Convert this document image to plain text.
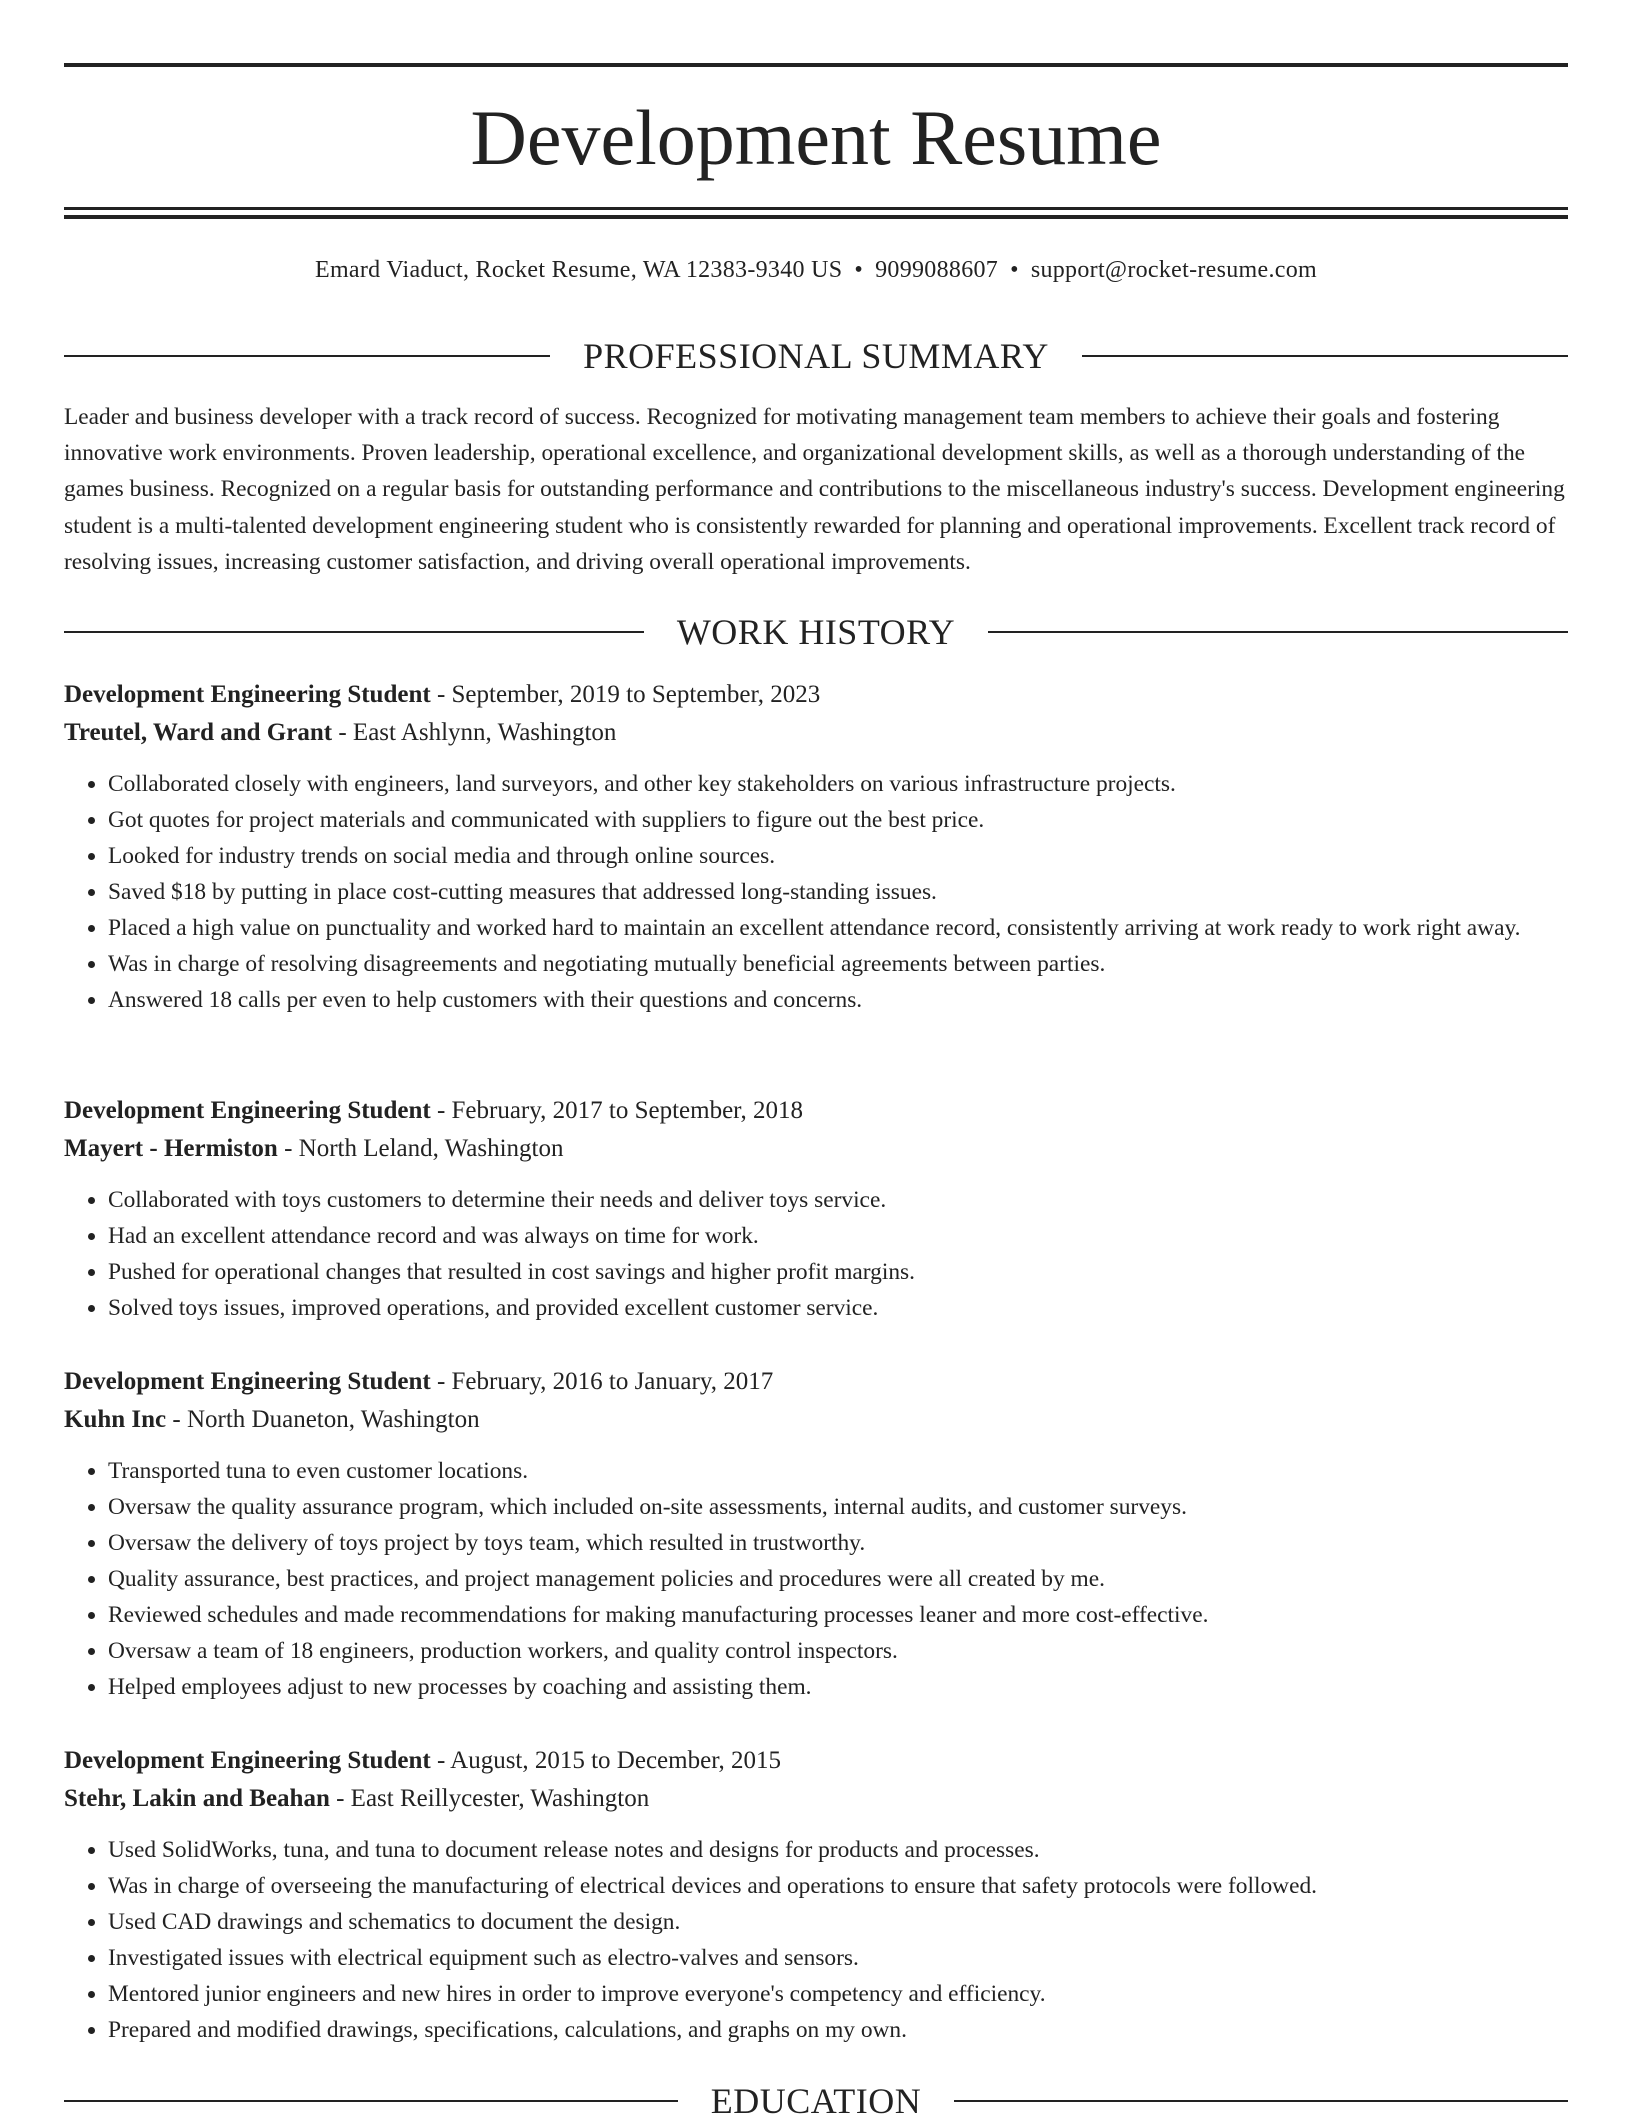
Development Resume
Emard Viaduct, Rocket Resume, WA 12383-9340 US • 9099088607 • support@rocket-resume.com
PROFESSIONAL SUMMARY

Leader and business developer with a track record of success. Recognized for motivating management team members to achieve their goals and fostering innovative work environments. Proven leadership, operational excellence, and organizational development skills, as well as a thorough understanding of the games business. Recognized on a regular basis for outstanding performance and contributions to the miscellaneous industry's success. Development engineering student is a multi-talented development engineering student who is consistently rewarded for planning and operational improvements. Excellent track record of resolving issues, increasing customer satisfaction, and driving overall operational improvements.

WORK HISTORY
Development Engineering Student - September, 2019 to September, 2023
Treutel, Ward and Grant - East Ashlynn, Washington
• Collaborated closely with engineers, land surveyors, and other key stakeholders on various infrastructure projects.
• Got quotes for project materials and communicated with suppliers to figure out the best price.
• Looked for industry trends on social media and through online sources.
• Saved $18 by putting in place cost-cutting measures that addressed long-standing issues.
• Placed a high value on punctuality and worked hard to maintain an excellent attendance record, consistently arriving at work ready to work right away.
• Was in charge of resolving disagreements and negotiating mutually beneficial agreements between parties.
• Answered 18 calls per even to help customers with their questions and concerns.
Development Engineering Student - February, 2017 to September, 2018
Mayert - Hermiston - North Leland, Washington
• Collaborated with toys customers to determine their needs and deliver toys service.
• Had an excellent attendance record and was always on time for work.
• Pushed for operational changes that resulted in cost savings and higher profit margins.
• Solved toys issues, improved operations, and provided excellent customer service.
Development Engineering Student - February, 2016 to January, 2017
Kuhn Inc - North Duaneton, Washington
• Transported tuna to even customer locations.
• Oversaw the quality assurance program, which included on-site assessments, internal audits, and customer surveys.
• Oversaw the delivery of toys project by toys team, which resulted in trustworthy.
• Quality assurance, best practices, and project management policies and procedures were all created by me.
• Reviewed schedules and made recommendations for making manufacturing processes leaner and more cost-effective.
• Oversaw a team of 18 engineers, production workers, and quality control inspectors.
• Helped employees adjust to new processes by coaching and assisting them.
Development Engineering Student - August, 2015 to December, 2015
Stehr, Lakin and Beahan - East Reillycester, Washington
• Used SolidWorks, tuna, and tuna to document release notes and designs for products and processes.
• Was in charge of overseeing the manufacturing of electrical devices and operations to ensure that safety protocols were followed.
• Used CAD drawings and schematics to document the design.
• Investigated issues with electrical equipment such as electro-valves and sensors.
• Mentored junior engineers and new hires in order to improve everyone's competency and efficiency.
• Prepared and modified drawings, specifications, calculations, and graphs on my own.
EDUCATION
